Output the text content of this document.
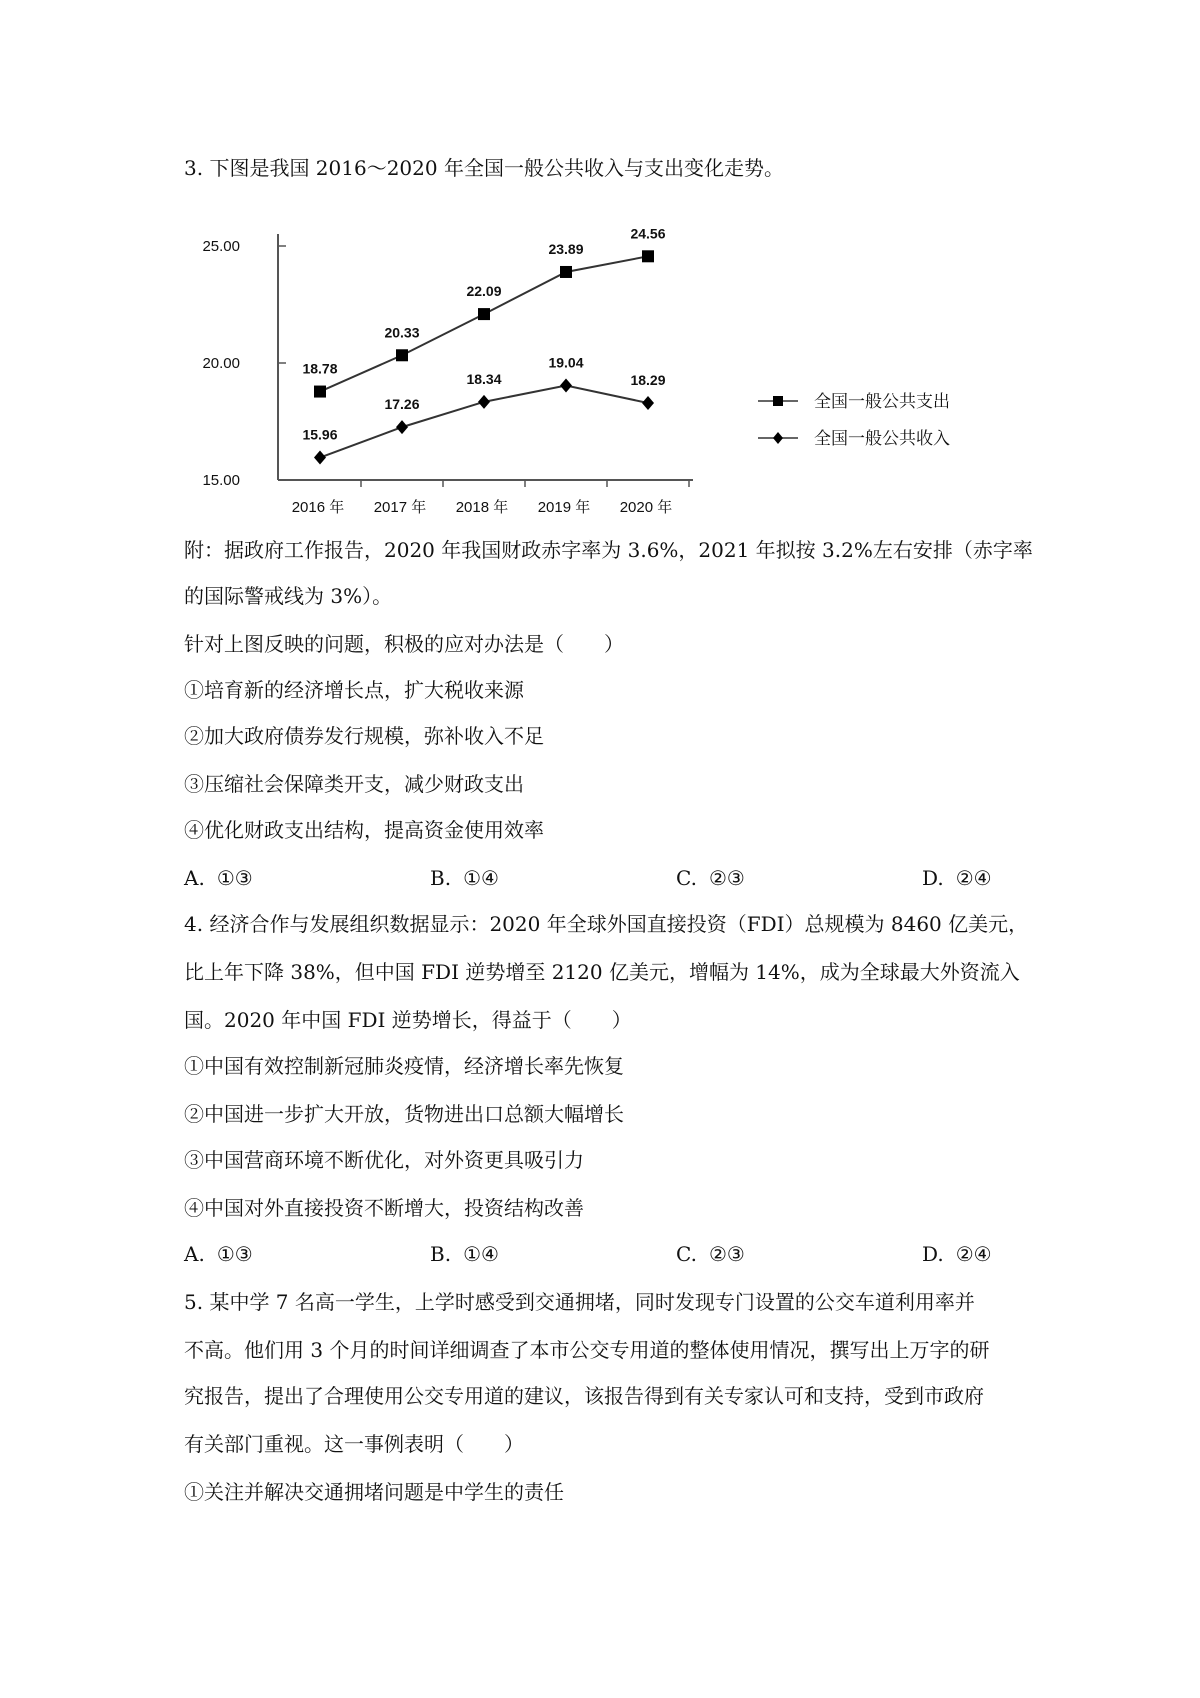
3. 下图是我国 2016～2020 年全国一般公共收入与支出变化走势。
15.00
20.00
25.00
2016 年 2017 年 2018 年 2019 年 2020 年
18.78
20.33
22.09
23.89
24.56
15.96
17.26
18.34
19.04
18.29
全国一般公共支出
全国一般公共收入
附：据政府工作报告，2020 年我国财政赤字率为 3.6%，2021 年拟按 3.2%左右安排（赤字率
的国际警戒线为 3%）。
针对上图反映的问题，积极的应对办法是（　　）
①培育新的经济增长点，扩大税收来源
②加大政府债券发行规模，弥补收入不足
③压缩社会保障类开支，减少财政支出
④优化财政支出结构，提高资金使用效率
A. ①③	B. ①④	C. ②③	D. ②④
4. 经济合作与发展组织数据显示：2020 年全球外国直接投资（FDI）总规模为 8460 亿美元，
比上年下降 38%，但中国 FDI 逆势增至 2120 亿美元，增幅为 14%，成为全球最大外资流入
国。2020 年中国 FDI 逆势增长，得益于（　　）
①中国有效控制新冠肺炎疫情，经济增长率先恢复
②中国进一步扩大开放，货物进出口总额大幅增长
③中国营商环境不断优化，对外资更具吸引力
④中国对外直接投资不断增大，投资结构改善
A. ①③	B. ①④	C. ②③	D. ②④
5. 某中学 7 名高一学生，上学时感受到交通拥堵，同时发现专门设置的公交车道利用率并
不高。他们用 3 个月的时间详细调查了本市公交专用道的整体使用情况，撰写出上万字的研
究报告，提出了合理使用公交专用道的建议，该报告得到有关专家认可和支持，受到市政府
有关部门重视。这一事例表明（　　）
①关注并解决交通拥堵问题是中学生的责任
